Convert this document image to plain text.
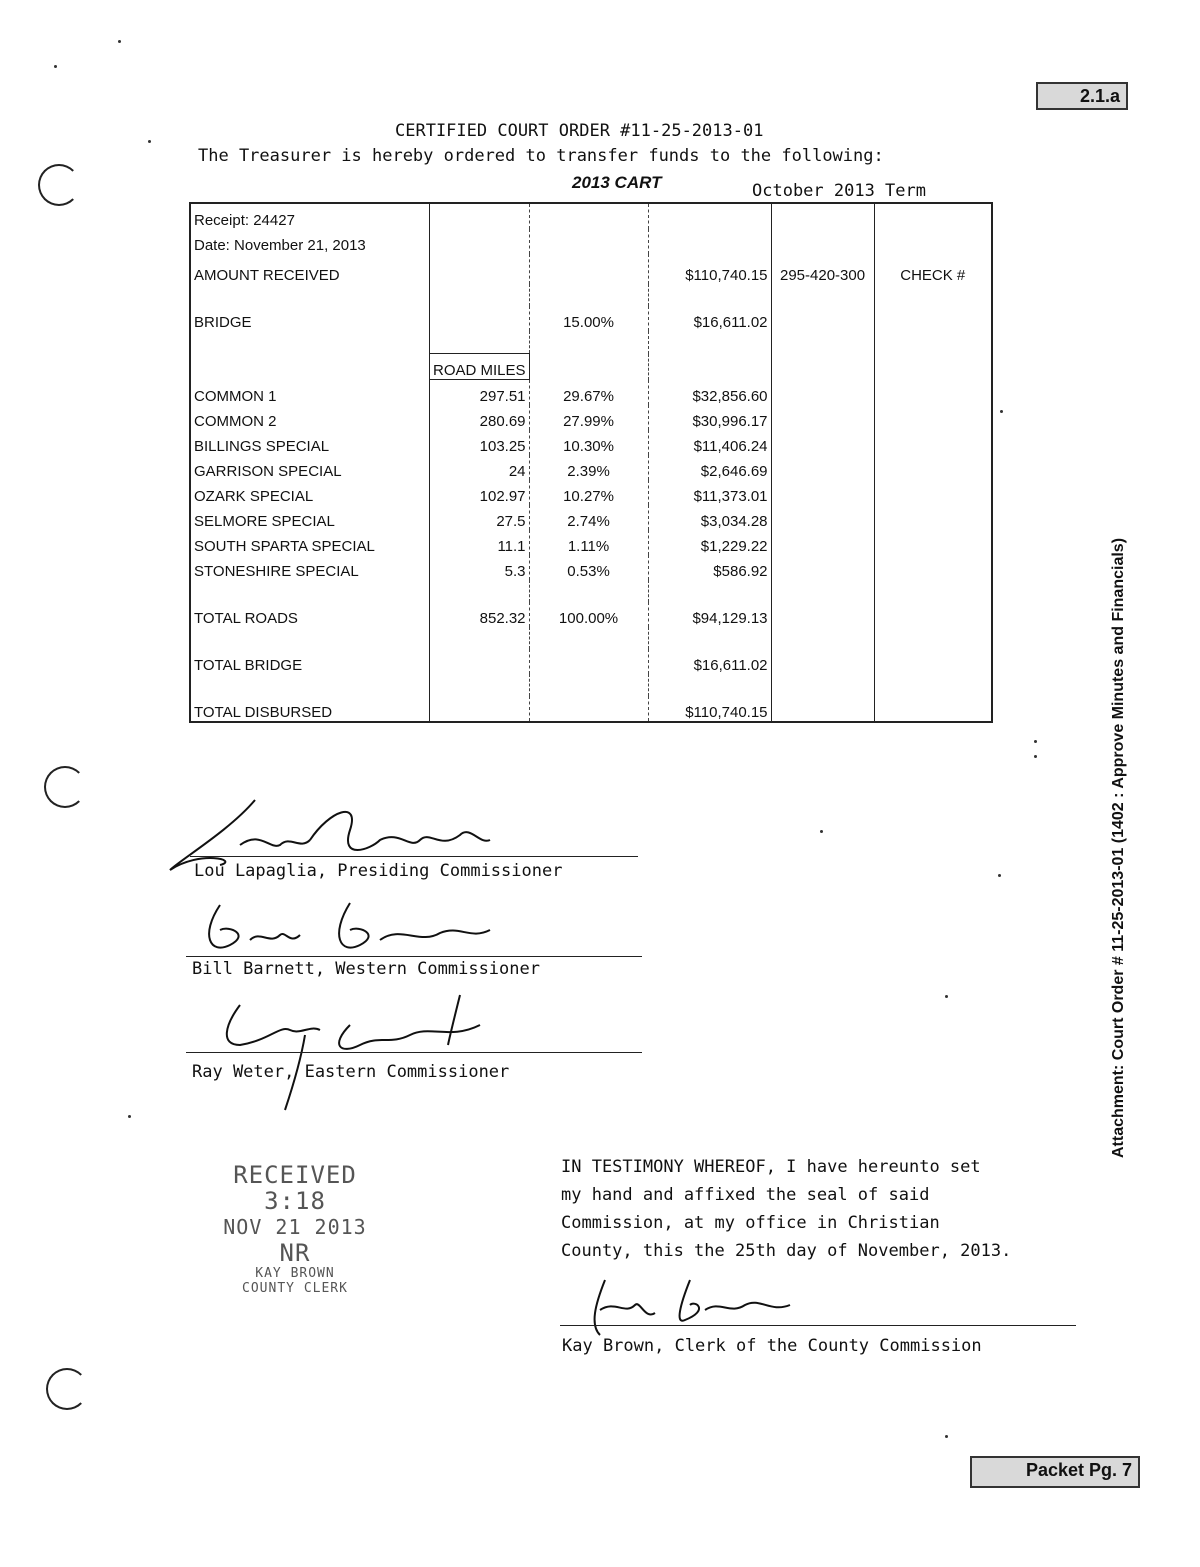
2.1.a
Packet Pg. 7
CERTIFIED COURT ORDER #11-25-2013-01
The Treasurer is hereby ordered to transfer funds to the following:
2013 CART	October 2013 Term
Receipt: 24427					
Date: November 21, 2013					
AMOUNT RECEIVED			$110,740.15	295-420-300	CHECK #

BRIDGE		15.00%	$16,611.02		

	ROAD MILES				
COMMON 1	297.51	29.67%	$32,856.60		
COMMON 2	280.69	27.99%	$30,996.17		
BILLINGS SPECIAL	103.25	10.30%	$11,406.24		
GARRISON SPECIAL	24	2.39%	$2,646.69		
OZARK SPECIAL	102.97	10.27%	$11,373.01		
SELMORE SPECIAL	27.5	2.74%	$3,034.28		
SOUTH SPARTA SPECIAL	11.1	1.11%	$1,229.22		
STONESHIRE SPECIAL	5.3	0.53%	$586.92		

TOTAL ROADS	852.32	100.00%	$94,129.13		

TOTAL BRIDGE			$16,611.02		

TOTAL DISBURSED			$110,740.15		
Lou Lapaglia, Presiding Commissioner
Bill Barnett, Western Commissioner
Ray Weter, Eastern Commissioner
RECEIVED
3:18
NOV 21 2013
NR
KAY BROWN
COUNTY CLERK
IN TESTIMONY WHEREOF, I have hereunto set
my hand and affixed the seal of said
Commission, at my office in Christian
County, this the 25th day of November, 2013.
Kay Brown, Clerk of the County Commission
Attachment: Court Order # 11-25-2013-01 (1402 : Approve Minutes and Financials)
